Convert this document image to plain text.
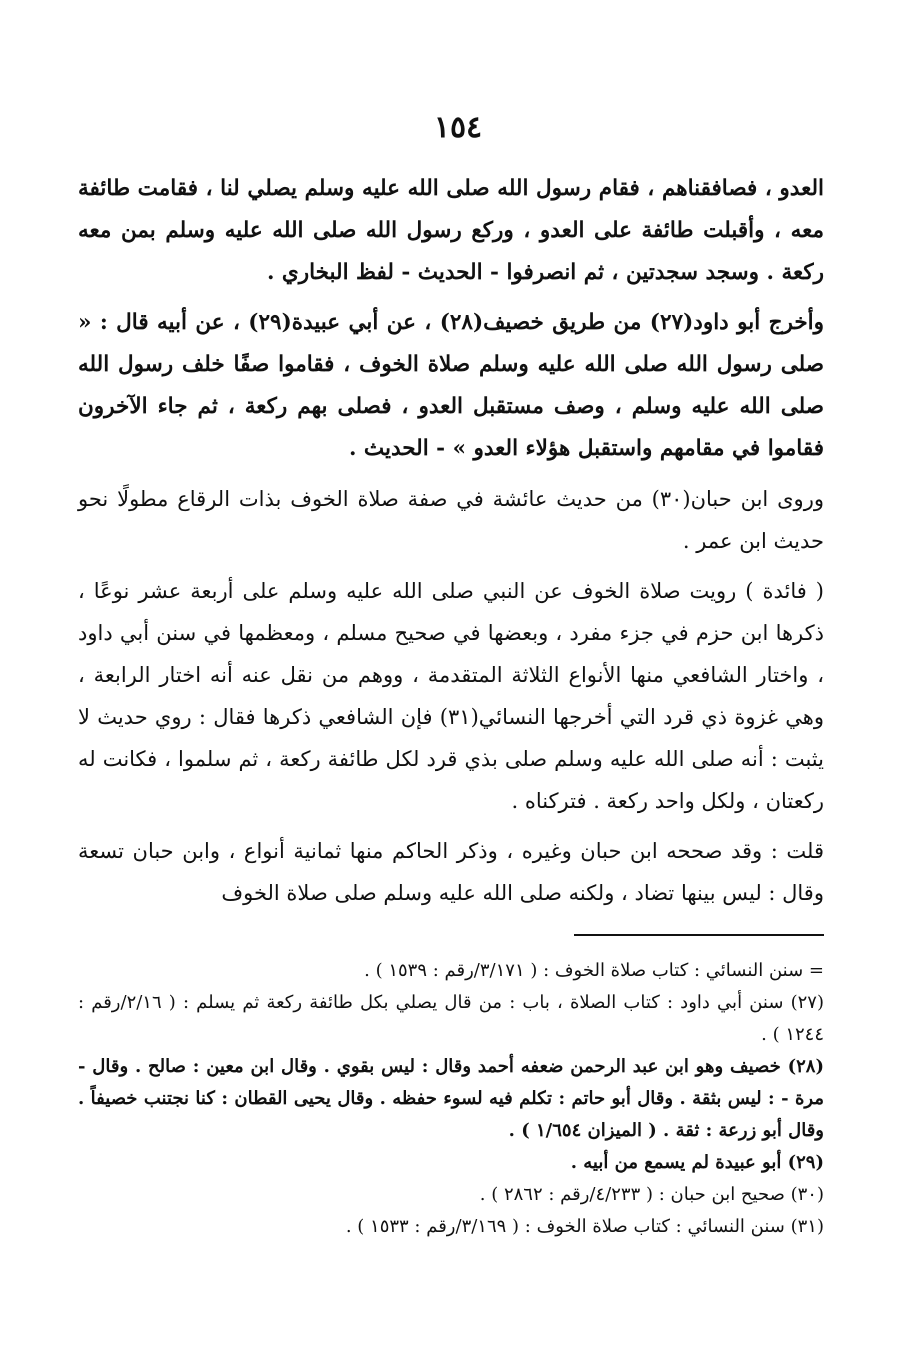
١٥٤

العدو ، فصافقناهم ، فقام رسول الله صلى الله عليه وسلم يصلي لنا ، فقامت طائفة معه ، وأقبلت طائفة على العدو ، وركع رسول الله صلى الله عليه وسلم بمن معه ركعة . وسجد سجدتين ، ثم انصرفوا - الحديث - لفظ البخاري .

وأخرج أبو داود(٢٧) من طريق خصيف(٢٨) ، عن أبي عبيدة(٢٩) ، عن أبيه قال : « صلى رسول الله صلى الله عليه وسلم صلاة الخوف ، فقاموا صفًا خلف رسول الله صلى الله عليه وسلم ، وصف مستقبل العدو ، فصلى بهم ركعة ، ثم جاء الآخرون فقاموا في مقامهم واستقبل هؤلاء العدو » - الحديث .

وروى ابن حبان(٣٠) من حديث عائشة في صفة صلاة الخوف بذات الرقاع مطولًا نحو حديث ابن عمر .

( فائدة ) رويت صلاة الخوف عن النبي صلى الله عليه وسلم على أربعة عشر نوعًا ، ذكرها ابن حزم في جزء مفرد ، وبعضها في صحيح مسلم ، ومعظمها في سنن أبي داود ، واختار الشافعي منها الأنواع الثلاثة المتقدمة ، ووهم من نقل عنه أنه اختار الرابعة ، وهي غزوة ذي قرد التي أخرجها النسائي(٣١) فإن الشافعي ذكرها فقال : روي حديث لا يثبت : أنه صلى الله عليه وسلم صلى بذي قرد لكل طائفة ركعة ، ثم سلموا ، فكانت له ركعتان ، ولكل واحد ركعة . فتركناه .

قلت : وقد صححه ابن حبان وغيره ، وذكر الحاكم منها ثمانية أنواع ، وابن حبان تسعة وقال : ليس بينها تضاد ، ولكنه صلى الله عليه وسلم صلى صلاة الخوف

= سنن النسائي : كتاب صلاة الخوف : ( ٣/١٧١/رقم : ١٥٣٩ ) .

(٢٧) سنن أبي داود : كتاب الصلاة ، باب : من قال يصلي بكل طائفة ركعة ثم يسلم : ( ٢/١٦/رقم : ١٢٤٤ ) .

(٢٨) خصيف وهو ابن عبد الرحمن ضعفه أحمد وقال : ليس بقوي . وقال ابن معين : صالح . وقال - مرة - : ليس بثقة . وقال أبو حاتم : تكلم فيه لسوء حفظه . وقال يحيى القطان : كنا نجتنب خصيفاً . وقال أبو زرعة : ثقة . ( الميزان ١/٦٥٤ ) .

(٢٩) أبو عبيدة لم يسمع من أبيه .

(٣٠) صحيح ابن حبان : ( ٤/٢٣٣/رقم : ٢٨٦٢ ) .

(٣١) سنن النسائي : كتاب صلاة الخوف : ( ٣/١٦٩/رقم : ١٥٣٣ ) .
